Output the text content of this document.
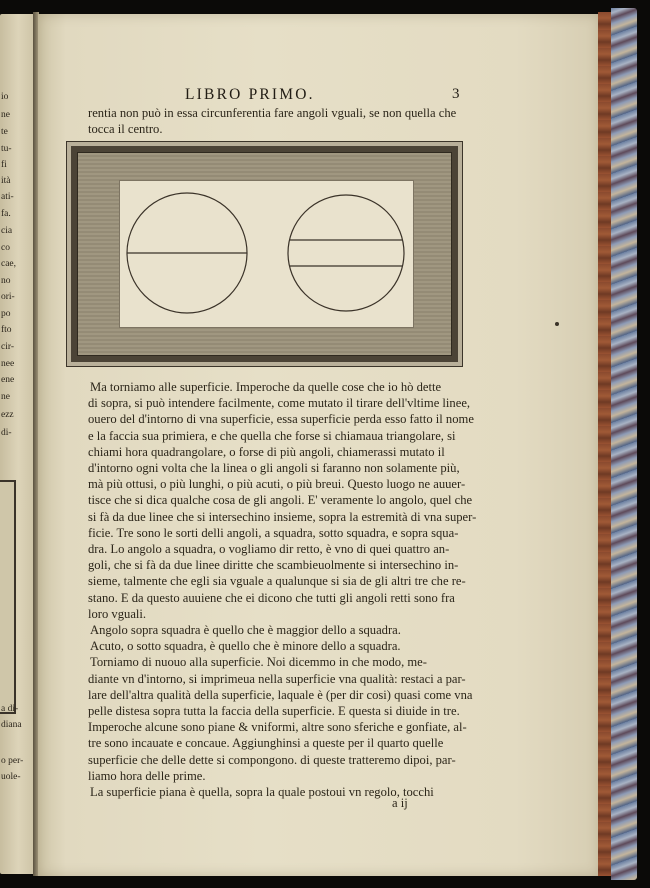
io
ne
te
tu-
fi
ità
ati-
fa.
cia
co
cae,
no
ori-
po
fto
cir-
nee
ene
ne
ezz
di-
a di-
diana
o per-
uole-
LIBRO PRIMO.	3
rentia non può in essa circunferentia fare angoli vguali, se non quella che
tocca il centro.
Ma torniamo alle superficie. Imperoche da quelle cose che io hò dette
di sopra, si può intendere facilmente, come mutato il tirare dell'vltime linee,
ouero del d'intorno di vna superficie, essa superficie perda esso fatto il nome
e la faccia sua primiera, e che quella che forse si chiamaua triangolare, si
chiami hora quadrangolare, o forse di più angoli, chiamerassi mutato il
d'intorno ogni volta che la linea o gli angoli si faranno non solamente più,
mà più ottusi, o più lunghi, o più acuti, o più breui. Questo luogo ne auuer-
tisce che si dica qualche cosa de gli angoli. E' veramente lo angolo, quel che
si fà da due linee che si intersechino insieme, sopra la estremità di vna super-
ficie. Tre sono le sorti delli angoli, a squadra, sotto squadra, e sopra squa-
dra. Lo angolo a squadra, o vogliamo dir retto, è vno di quei quattro an-
goli, che si fà da due linee diritte che scambieuolmente si intersechino in-
sieme, talmente che egli sia vguale a qualunque si sia de gli altri tre che re-
stano. E da questo auuiene che ei dicono che tutti gli angoli retti sono fra
loro vguali.
Angolo sopra squadra è quello che è maggior dello a squadra.
Acuto, o sotto squadra, è quello che è minore dello a squadra.
Torniamo di nuouo alla superficie. Noi dicemmo in che modo, me-
diante vn d'intorno, si imprimeua nella superficie vna qualità: restaci a par-
lare dell'altra qualità della superficie, laquale è (per dir cosi) quasi come vna
pelle distesa sopra tutta la faccia della superficie. E questa si diuide in tre.
Imperoche alcune sono piane & vniformi, altre sono sferiche e gonfiate, al-
tre sono incauate e concaue. Aggiunghinsi a queste per il quarto quelle
superficie che delle dette si compongono. di queste tratteremo dipoi, par-
liamo hora delle prime.
La superficie piana è quella, sopra la quale postoui vn regolo, tocchi
a ij
